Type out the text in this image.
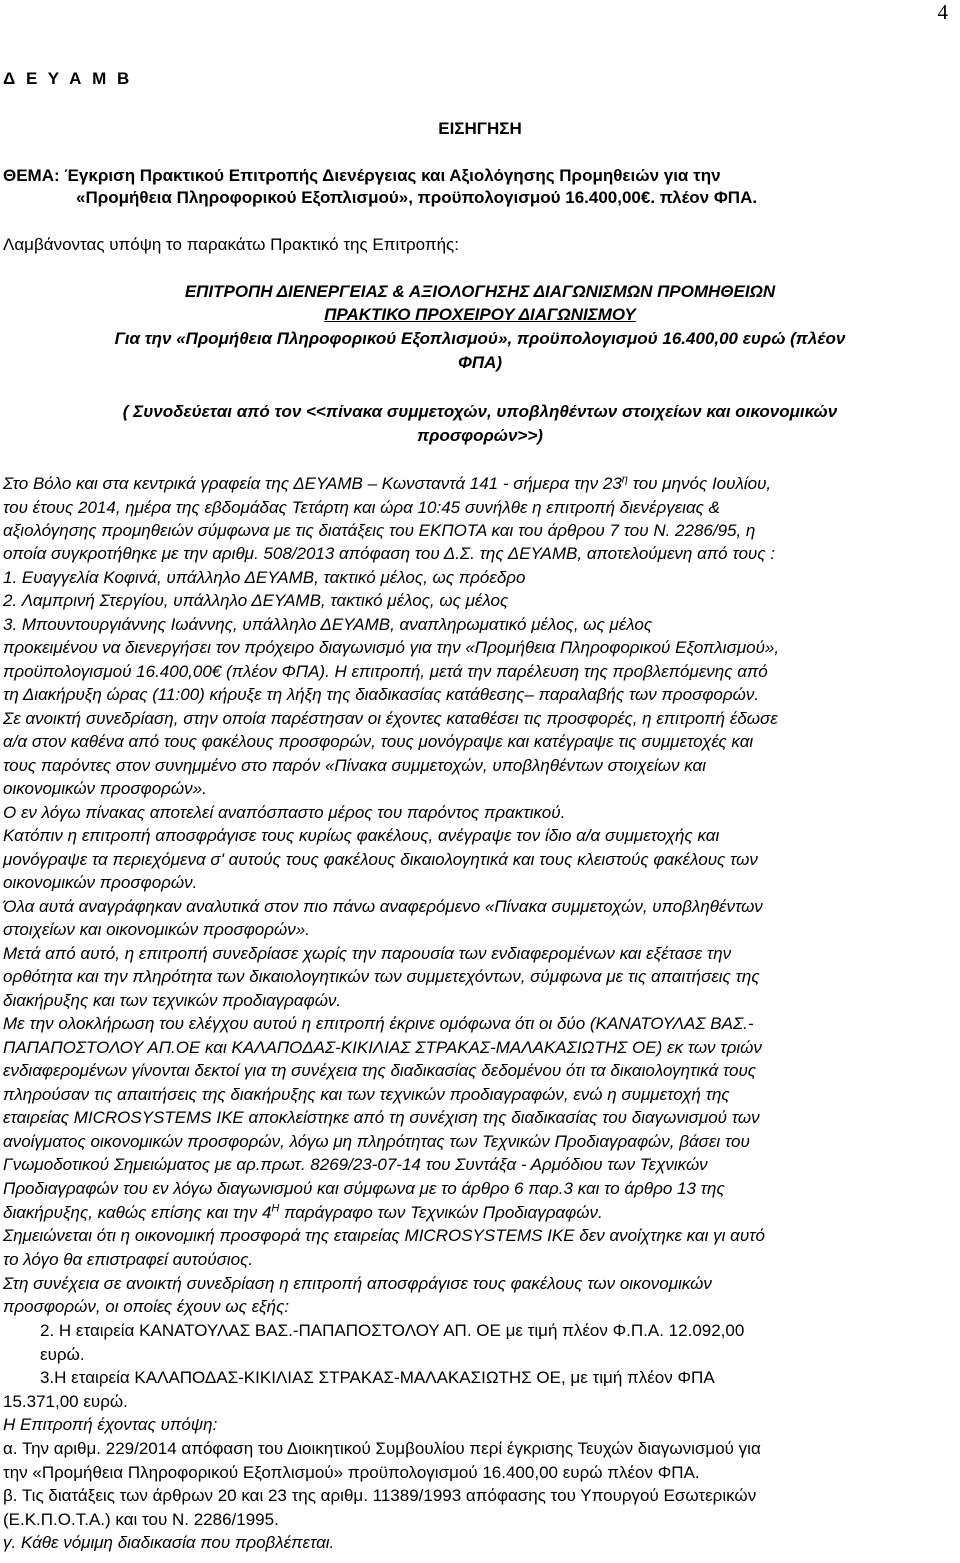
4
Δ Ε Υ Α Μ Β
ΕΙΣΗΓΗΣΗ
ΘΕΜΑ: Έγκριση Πρακτικού Επιτροπής Διενέργειας και Αξιολόγησης Προμηθειών για την
«Προμήθεια Πληροφορικού Εξοπλισμού», προϋπολογισμού 16.400,00€. πλέον ΦΠΑ.
Λαμβάνοντας υπόψη το παρακάτω Πρακτικό της Επιτροπής:
ΕΠΙΤΡΟΠΗ ΔΙΕΝΕΡΓΕΙΑΣ & ΑΞΙΟΛΟΓΗΣΗΣ ΔΙΑΓΩΝΙΣΜΩΝ ΠΡΟΜΗΘΕΙΩΝ
ΠΡΑΚΤΙΚΟ ΠΡΟΧΕΙΡΟΥ ΔΙΑΓΩΝΙΣΜΟΥ
Για την «Προμήθεια Πληροφορικού Εξοπλισμού», προϋπολογισμού 16.400,00 ευρώ (πλέον
ΦΠΑ)
( Συνοδεύεται από τον <<πίνακα συμμετοχών, υποβληθέντων στοιχείων και οικονομικών
προσφορών>>)
Στο Βόλο και στα κεντρικά γραφεία της ΔΕΥΑΜΒ – Κωνσταντά 141 - σήμερα την $23^\eta$ του μηνός Ιουλίου,
του έτους 2014, ημέρα της εβδομάδας Τετάρτη και ώρα 10:45 συνήλθε η επιτροπή διενέργειας &
αξιολόγησης προμηθειών σύμφωνα με τις διατάξεις του ΕΚΠΟΤΑ και του άρθρου 7 του Ν. 2286/95, η
οποία συγκροτήθηκε με την αριθμ. 508/2013 απόφαση του Δ.Σ. της ΔΕΥΑΜΒ, αποτελούμενη από τους :
1. Ευαγγελία Κοφινά, υπάλληλο ΔΕΥΑΜΒ, τακτικό μέλος, ως πρόεδρο
2. Λαμπρινή Στεργίου, υπάλληλο ΔΕΥΑΜΒ, τακτικό μέλος, ως μέλος
3. Μπουντουργιάννης Ιωάννης, υπάλληλο ΔΕΥΑΜΒ, αναπληρωματικό μέλος, ως μέλος
προκειμένου να διενεργήσει τον πρόχειρο διαγωνισμό για την «Προμήθεια Πληροφορικού Εξοπλισμού»,
προϋπολογισμού 16.400,00€ (πλέον ΦΠΑ). Η επιτροπή, μετά την παρέλευση της προβλεπόμενης από
τη Διακήρυξη ώρας (11:00) κήρυξε τη λήξη της διαδικασίας κατάθεσης– παραλαβής των προσφορών.
Σε ανοικτή συνεδρίαση, στην οποία παρέστησαν οι έχοντες καταθέσει τις προσφορές, η επιτροπή έδωσε
α/α στον καθένα από τους φακέλους προσφορών, τους μονόγραψε και κατέγραψε τις συμμετοχές και
τους παρόντες στον συνημμένο στο παρόν «Πίνακα συμμετοχών, υποβληθέντων στοιχείων και
οικονομικών προσφορών».
Ο εν λόγω πίνακας αποτελεί αναπόσπαστο μέρος του παρόντος πρακτικού.
Κατόπιν η επιτροπή αποσφράγισε τους κυρίως φακέλους, ανέγραψε τον ίδιο α/α συμμετοχής και
μονόγραψε τα περιεχόμενα σ' αυτούς τους φακέλους δικαιολογητικά και τους κλειστούς φακέλους των
οικονομικών προσφορών.
Όλα αυτά αναγράφηκαν αναλυτικά στον πιο πάνω αναφερόμενο «Πίνακα συμμετοχών, υποβληθέντων
στοιχείων και οικονομικών προσφορών».
Μετά από αυτό, η επιτροπή συνεδρίασε χωρίς την παρουσία των ενδιαφερομένων και εξέτασε την
ορθότητα και την πληρότητα των δικαιολογητικών των συμμετεχόντων, σύμφωνα με τις απαιτήσεις της
διακήρυξης και των τεχνικών προδιαγραφών.
Με την ολοκλήρωση του ελέγχου αυτού η επιτροπή έκρινε ομόφωνα ότι οι δύο (ΚΑΝΑΤΟΥΛΑΣ ΒΑΣ.-
ΠΑΠΑΠΟΣΤΟΛΟΥ ΑΠ.ΟΕ και ΚΑΛΑΠΟΔΑΣ-ΚΙΚΙΛΙΑΣ ΣΤΡΑΚΑΣ-ΜΑΛΑΚΑΣΙΩΤΗΣ ΟΕ) εκ των τριών
ενδιαφερομένων γίνονται δεκτοί για τη συνέχεια της διαδικασίας δεδομένου ότι τα δικαιολογητικά τους
πληρούσαν τις απαιτήσεις της διακήρυξης και των τεχνικών προδιαγραφών, ενώ η συμμετοχή της
εταιρείας MICROSYSTEMS ΙΚΕ αποκλείστηκε από τη συνέχιση της διαδικασίας του διαγωνισμού των
ανοίγματος οικονομικών προσφορών, λόγω μη πληρότητας των Τεχνικών Προδιαγραφών, βάσει του
Γνωμοδοτικού Σημειώματος με αρ.πρωτ. 8269/23-07-14 του Συντάξα - Αρμόδιου των Τεχνικών
Προδιαγραφών του εν λόγω διαγωνισμού και σύμφωνα με το άρθρο 6 παρ.3 και το άρθρο 13 της
διακήρυξης, καθώς επίσης και την $4^H$ παράγραφο των Τεχνικών Προδιαγραφών.
Σημειώνεται ότι η οικονομική προσφορά της εταιρείας MICROSYSTEMS ΙΚΕ δεν ανοίχτηκε και γι αυτό
το λόγο θα επιστραφεί αυτούσιος.
Στη συνέχεια σε ανοικτή συνεδρίαση η επιτροπή αποσφράγισε τους φακέλους των οικονομικών
προσφορών, οι οποίες έχουν ως εξής:
2. Η εταιρεία ΚΑΝΑΤΟΥΛΑΣ ΒΑΣ.-ΠΑΠΑΠΟΣΤΟΛΟΥ ΑΠ. ΟΕ με τιμή πλέον Φ.Π.Α. 12.092,00
ευρώ.
3.Η εταιρεία ΚΑΛΑΠΟΔΑΣ-ΚΙΚΙΛΙΑΣ ΣΤΡΑΚΑΣ-ΜΑΛΑΚΑΣΙΩΤΗΣ ΟΕ, με τιμή πλέον ΦΠΑ
15.371,00 ευρώ.
Η Επιτροπή έχοντας υπόψη:
α. Την αριθμ. 229/2014 απόφαση του Διοικητικού Συμβουλίου περί έγκρισης Τευχών διαγωνισμού για
την «Προμήθεια Πληροφορικού Εξοπλισμού» προϋπολογισμού 16.400,00 ευρώ πλέον ΦΠΑ.
β. Τις διατάξεις των άρθρων 20 και 23 της αριθμ. 11389/1993 απόφασης του Υπουργού Εσωτερικών
(Ε.Κ.Π.Ο.Τ.Α.) και του Ν. 2286/1995.
γ. Κάθε νόμιμη διαδικασία που προβλέπεται.
